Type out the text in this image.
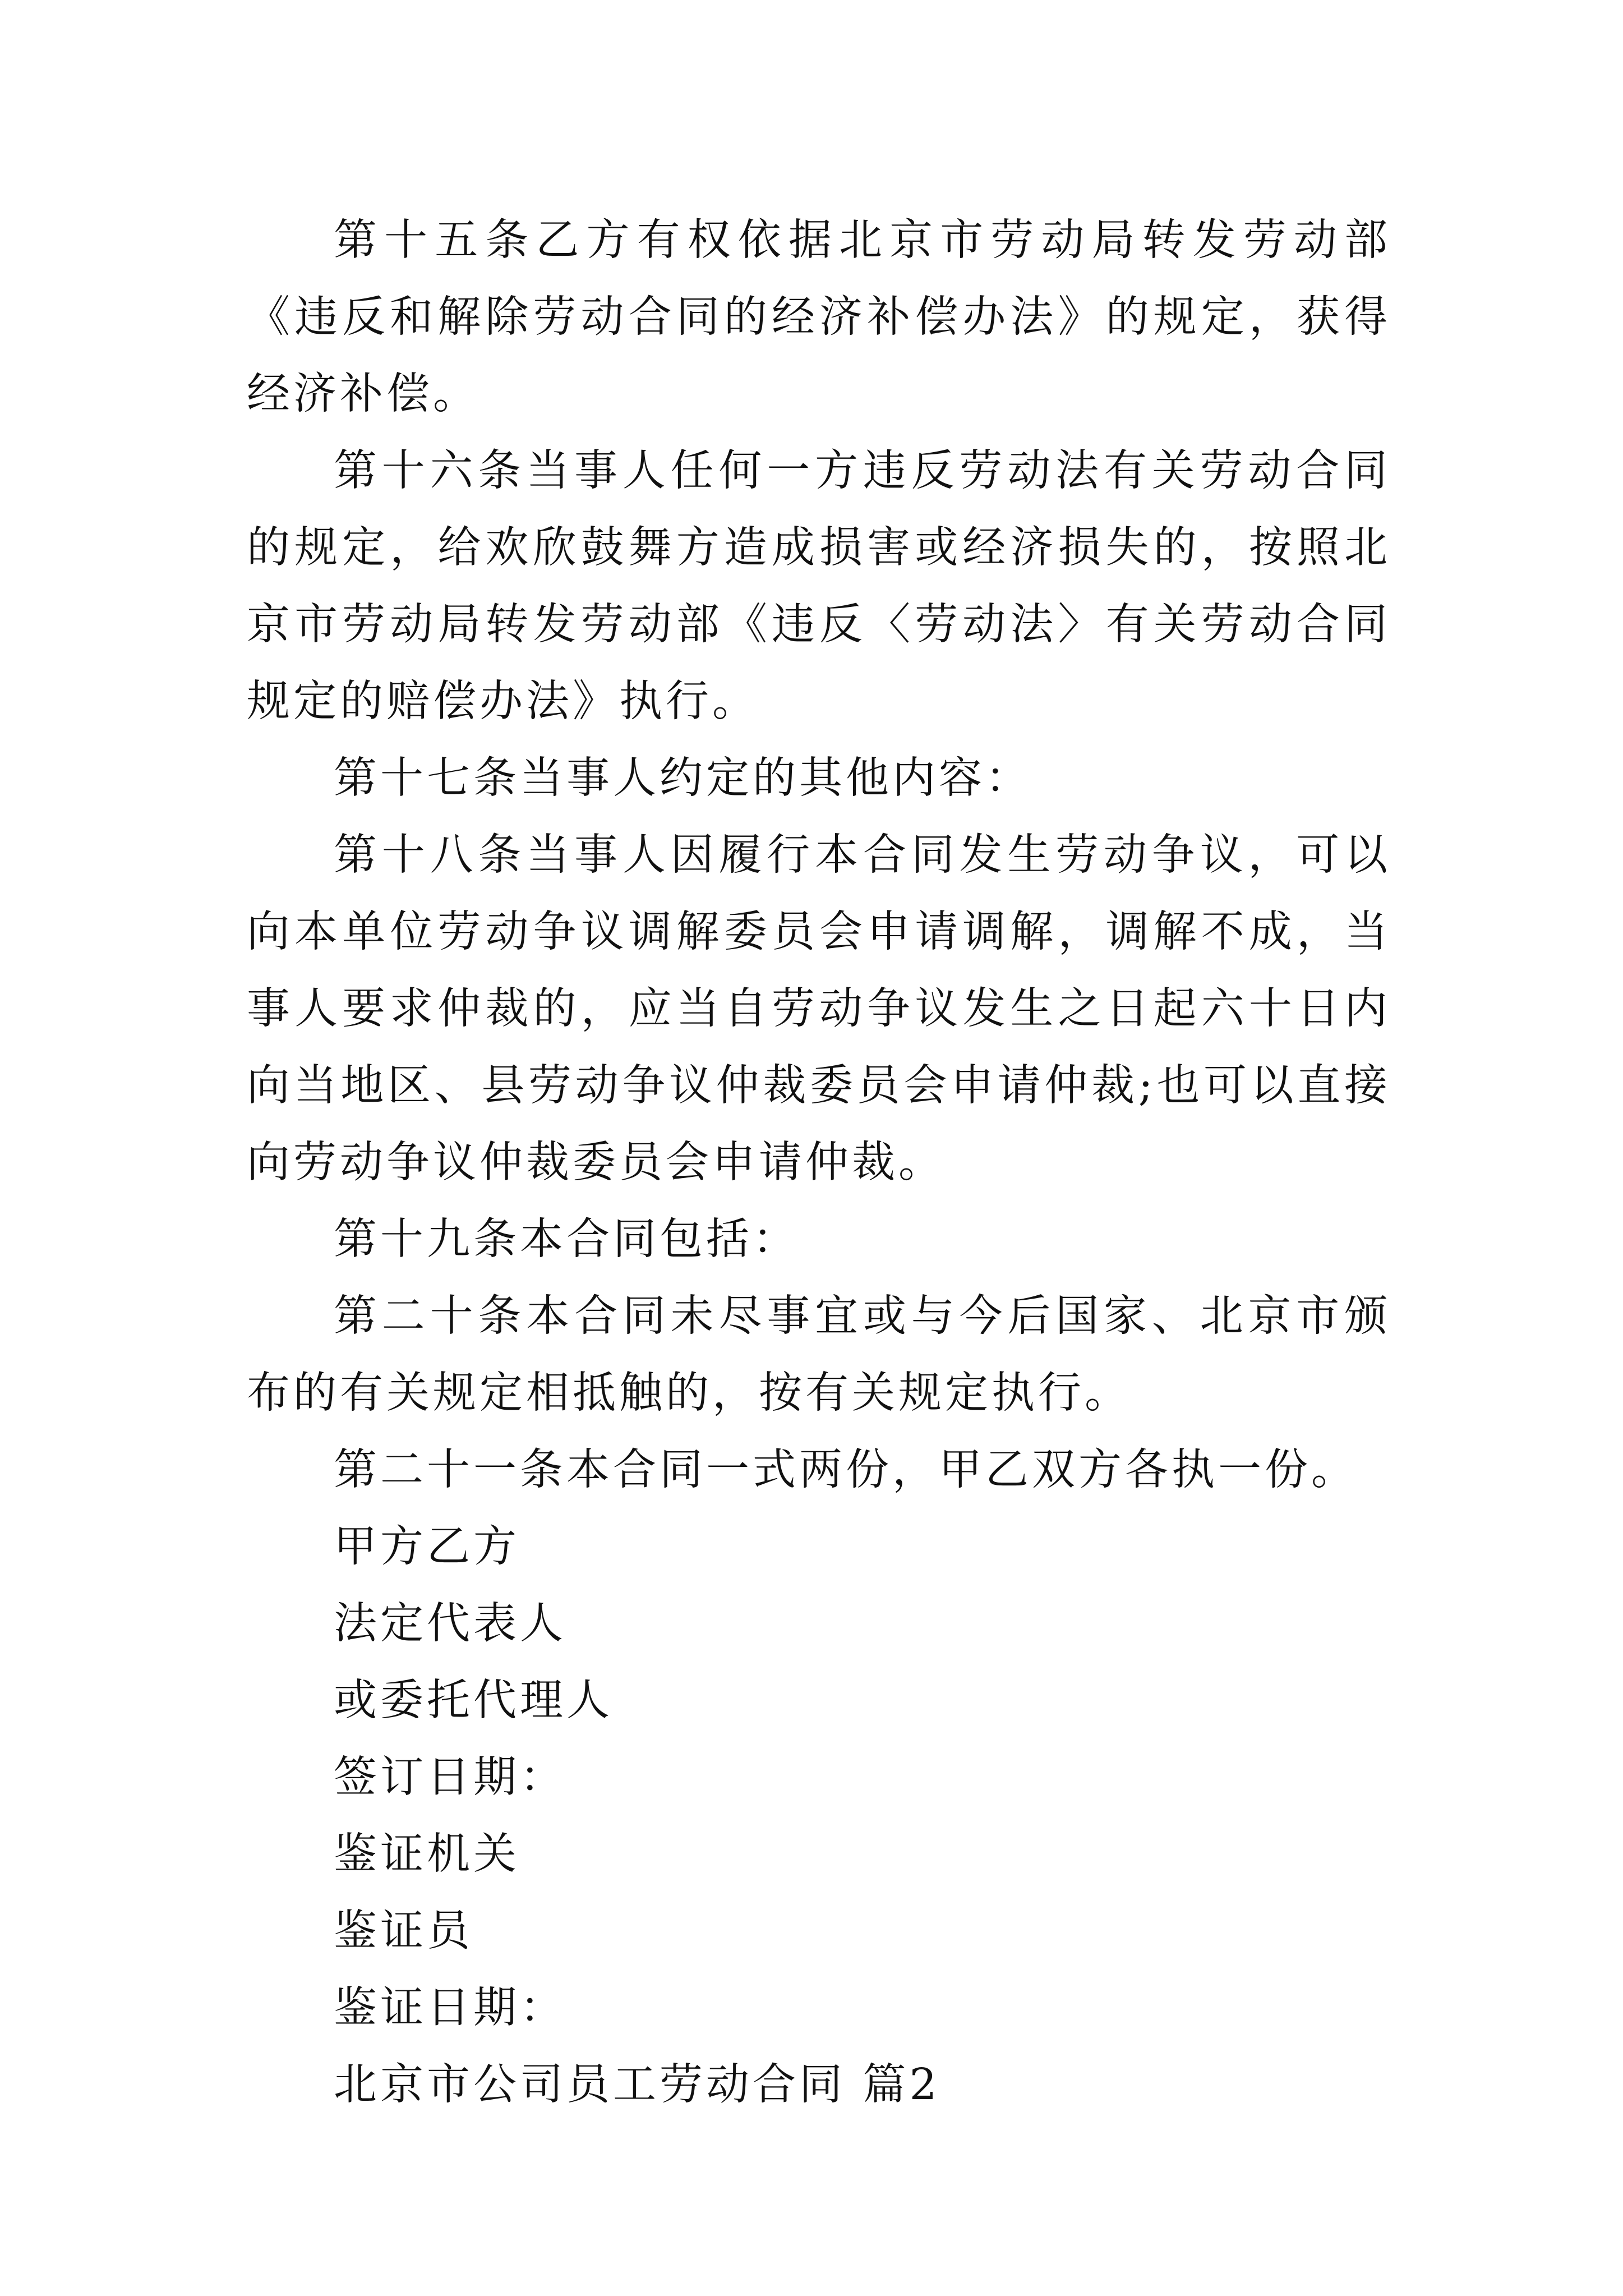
第十五条乙方有权依据北京市劳动局转发劳动部《违反和解除劳动合同的经济补偿办法》的规定，获得经济补偿。

第十六条当事人任何一方违反劳动法有关劳动合同的规定，给欢欣鼓舞方造成损害或经济损失的，按照北京市劳动局转发劳动部《违反〈劳动法〉有关劳动合同规定的赔偿办法》执行。

第十七条当事人约定的其他内容：

第十八条当事人因履行本合同发生劳动争议，可以向本单位劳动争议调解委员会申请调解，调解不成，当事人要求仲裁的，应当自劳动争议发生之日起六十日内向当地区、县劳动争议仲裁委员会申请仲裁;也可以直接向劳动争议仲裁委员会申请仲裁。

第十九条本合同包括：

第二十条本合同未尽事宜或与今后国家、北京市颁布的有关规定相抵触的，按有关规定执行。

第二十一条本合同一式两份，甲乙双方各执一份。

甲方乙方

法定代表人

或委托代理人

签订日期：

鉴证机关

鉴证员

鉴证日期：

北京市公司员工劳动合同 篇2
